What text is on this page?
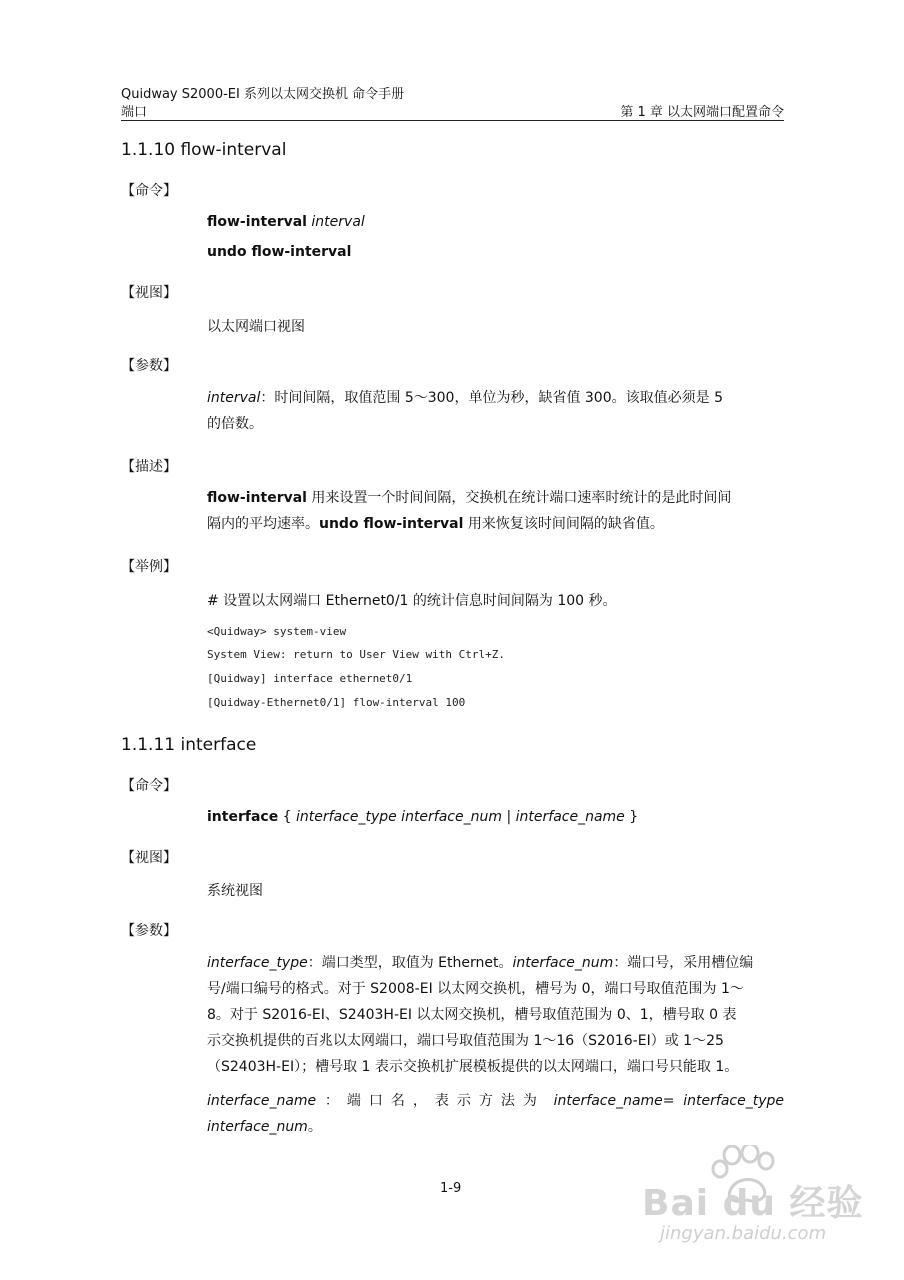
Quidway S2000-EI 系列以太网交换机 命令手册
端口	第 1 章 以太网端口配置命令
1.1.10 flow-interval
【命令】
flow-interval interval
undo flow-interval
【视图】
以太网端口视图
【参数】
interval：时间间隔，取值范围 5～300，单位为秒，缺省值 300。该取值必须是 5
的倍数。
【描述】
flow-interval 用来设置一个时间间隔，交换机在统计端口速率时统计的是此时间间
隔内的平均速率。undo flow-interval 用来恢复该时间间隔的缺省值。
【举例】
# 设置以太网端口 Ethernet0/1 的统计信息时间间隔为 100 秒。
<Quidway> system-view
System View: return to User View with Ctrl+Z.
[Quidway] interface ethernet0/1
[Quidway-Ethernet0/1] flow-interval 100
1.1.11 interface
【命令】
interface { interface_type interface_num | interface_name }
【视图】
系统视图
【参数】
interface_type：端口类型，取值为 Ethernet。interface_num：端口号，采用槽位编
号/端口编号的格式。对于 S2008-EI 以太网交换机，槽号为 0，端口号取值范围为 1～
8。对于 S2016-EI、S2403H-EI 以太网交换机，槽号取值范围为 0、1，槽号取 0 表
示交换机提供的百兆以太网端口，端口号取值范围为 1～16（S2016-EI）或 1～25
（S2403H-EI）；槽号取 1 表示交换机扩展模板提供的以太网端口，端口号只能取 1。
interface_name ：端口名，表示方法为 interface_name= interface_type
interface_num。
1-9	Bai du 经验
jingyan.baidu.com
